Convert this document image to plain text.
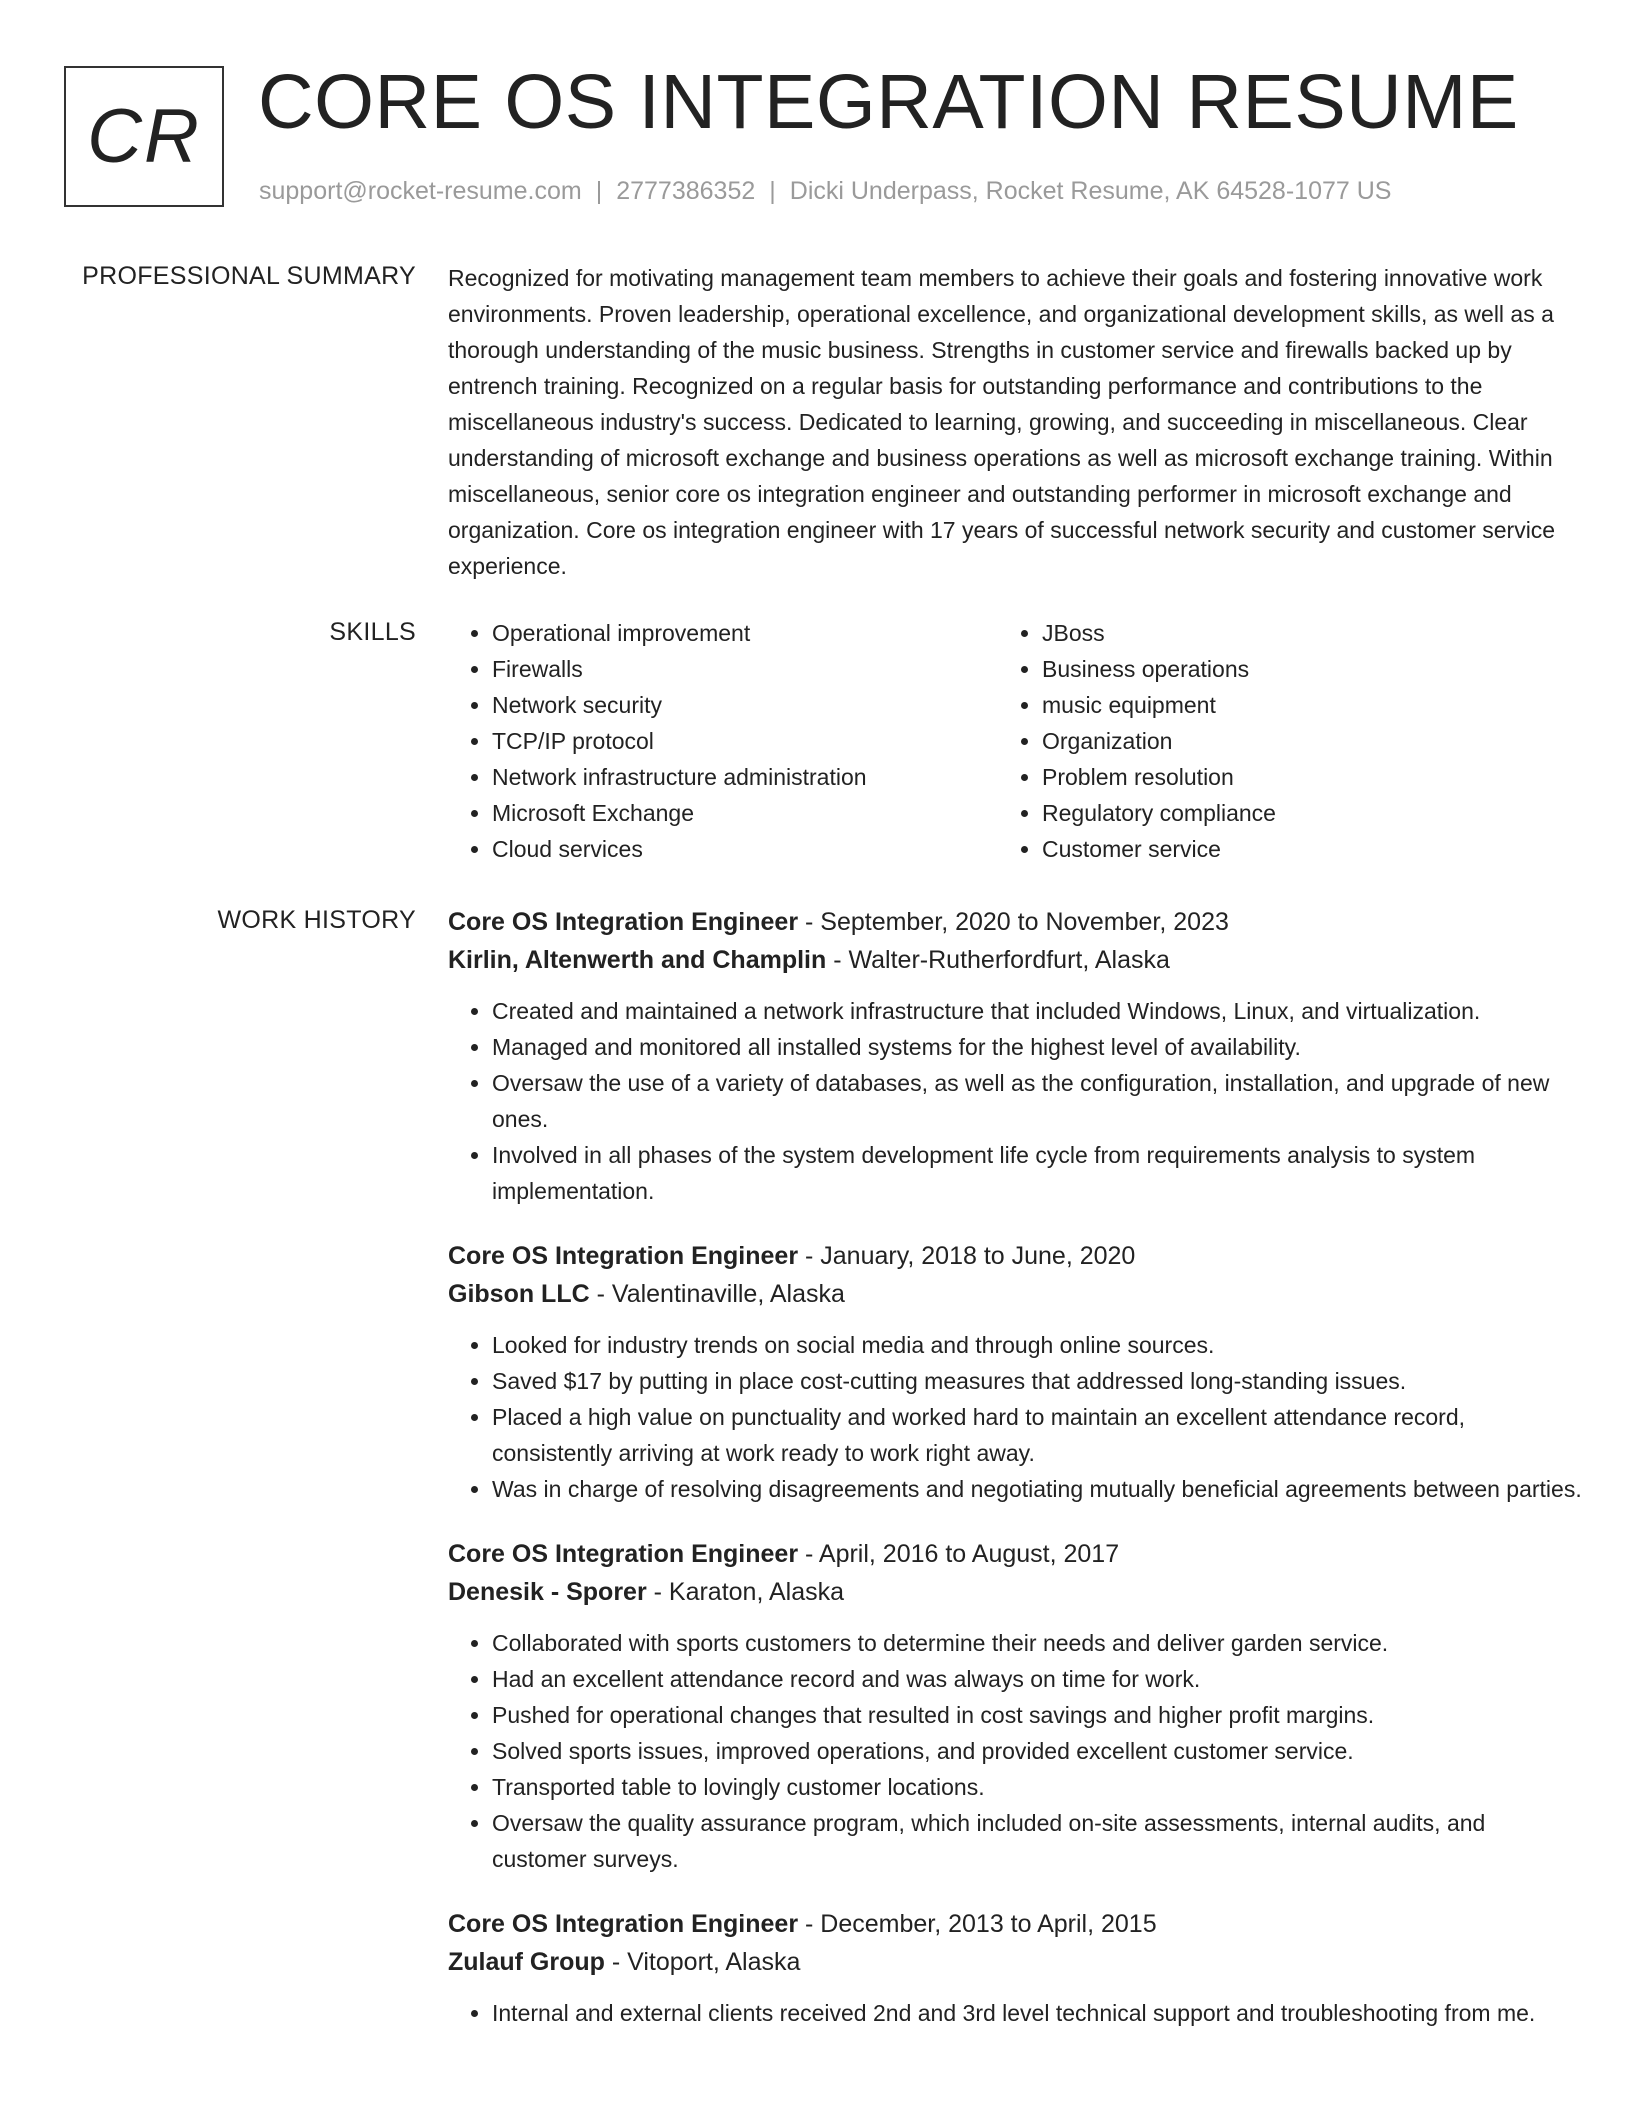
CR CORE OS INTEGRATION RESUME
support@rocket-resume.com | 2777386352 | Dicki Underpass, Rocket Resume, AK 64528-1077 US
PROFESSIONAL SUMMARY Recognized for motivating management team members to achieve their goals and fostering innovative work environments. Proven leadership, operational excellence, and organizational development skills, as well as a thorough understanding of the music business. Strengths in customer service and firewalls backed up by entrench training. Recognized on a regular basis for outstanding performance and contributions to the miscellaneous industry's success. Dedicated to learning, growing, and succeeding in miscellaneous. Clear understanding of microsoft exchange and business operations as well as microsoft exchange training. Within miscellaneous, senior core os integration engineer and outstanding performer in microsoft exchange and organization. Core os integration engineer with 17 years of successful network security and customer service experience.

SKILLS
•	Operational improvement
• Firewalls
• Network security
• TCP/IP protocol
• Network infrastructure administration
• Microsoft Exchange
• Cloud services
• JBoss
• Business operations
• music equipment
• Organization
• Problem resolution
• Regulatory compliance
• Customer service
WORK HISTORY Core OS Integration Engineer - September, 2020 to November, 2023
Kirlin, Altenwerth and Champlin - Walter-Rutherfordfurt, Alaska
• Created and maintained a network infrastructure that included Windows, Linux, and virtualization.
• Managed and monitored all installed systems for the highest level of availability.
• Oversaw the use of a variety of databases, as well as the configuration, installation, and upgrade of new ones.
• Involved in all phases of the system development life cycle from requirements analysis to system implementation.
Core OS Integration Engineer - January, 2018 to June, 2020
Gibson LLC - Valentinaville, Alaska
• Looked for industry trends on social media and through online sources.
• Saved $17 by putting in place cost-cutting measures that addressed long-standing issues.
• Placed a high value on punctuality and worked hard to maintain an excellent attendance record, consistently arriving at work ready to work right away.
• Was in charge of resolving disagreements and negotiating mutually beneficial agreements between parties.
Core OS Integration Engineer - April, 2016 to August, 2017
Denesik - Sporer - Karaton, Alaska
• Collaborated with sports customers to determine their needs and deliver garden service.
• Had an excellent attendance record and was always on time for work.
• Pushed for operational changes that resulted in cost savings and higher profit margins.
• Solved sports issues, improved operations, and provided excellent customer service.
• Transported table to lovingly customer locations.
• Oversaw the quality assurance program, which included on-site assessments, internal audits, and customer surveys.
Core OS Integration Engineer - December, 2013 to April, 2015
Zulauf Group - Vitoport, Alaska
• Internal and external clients received 2nd and 3rd level technical support and troubleshooting from me.
